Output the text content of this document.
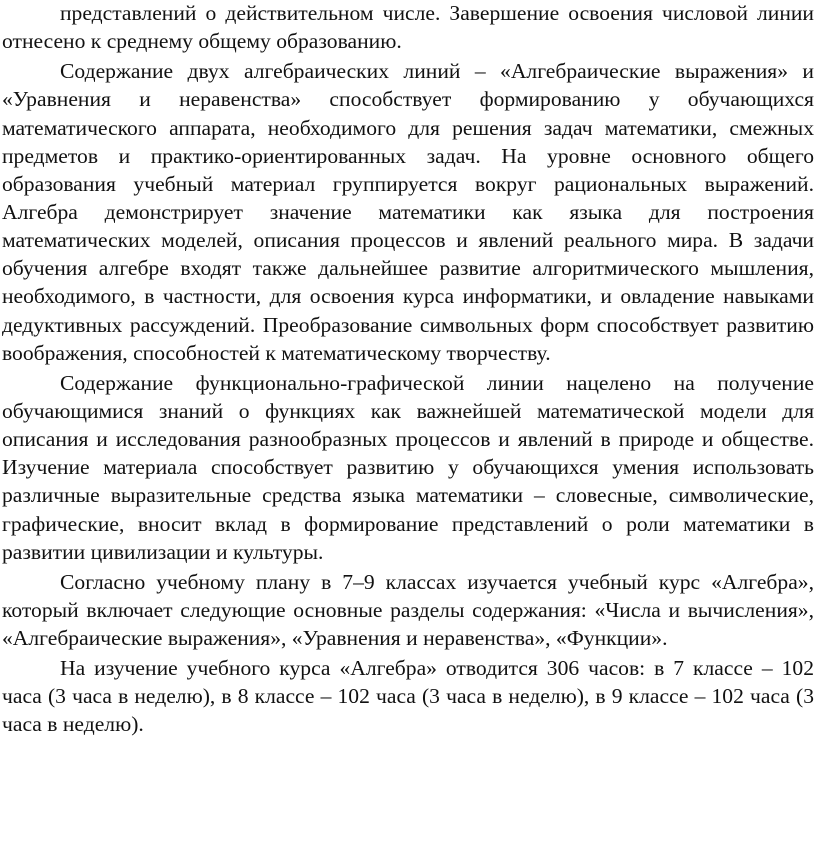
представлений о действительном числе. Завершение освоения числовой линии отнесено к среднему общему образованию.

Содержание двух алгебраических линий – «Алгебраические выражения» и «Уравнения и неравенства» способствует формированию у обучающихся математического аппарата, необходимого для решения задач математики, смежных предметов и практико-ориентированных задач. На уровне основного общего образования учебный материал группируется вокруг рациональных выражений. Алгебра демонстрирует значение математики как языка для построения математических моделей, описания процессов и явлений реального мира. В задачи обучения алгебре входят также дальнейшее развитие алгоритмического мышления, необходимого, в частности, для освоения курса информатики, и овладение навыками дедуктивных рассуждений. Преобразование символьных форм способствует развитию воображения, способностей к математическому творчеству.

Содержание функционально-графической линии нацелено на получение обучающимися знаний о функциях как важнейшей математической модели для описания и исследования разнообразных процессов и явлений в природе и обществе. Изучение материала способствует развитию у обучающихся умения использовать различные выразительные средства языка математики – словесные, символические, графические, вносит вклад в формирование представлений о роли математики в развитии цивилизации и культуры.

Согласно учебному плану в 7–9 классах изучается учебный курс «Алгебра», который включает следующие основные разделы содержания: «Числа и вычисления», «Алгебраические выражения», «Уравнения и неравенства», «Функции».

На изучение учебного курса «Алгебра» отводится 306 часов: в 7 классе – 102 часа (3 часа в неделю), в 8 классе – 102 часа (3 часа в неделю), в 9 классе – 102 часа (3 часа в неделю).
